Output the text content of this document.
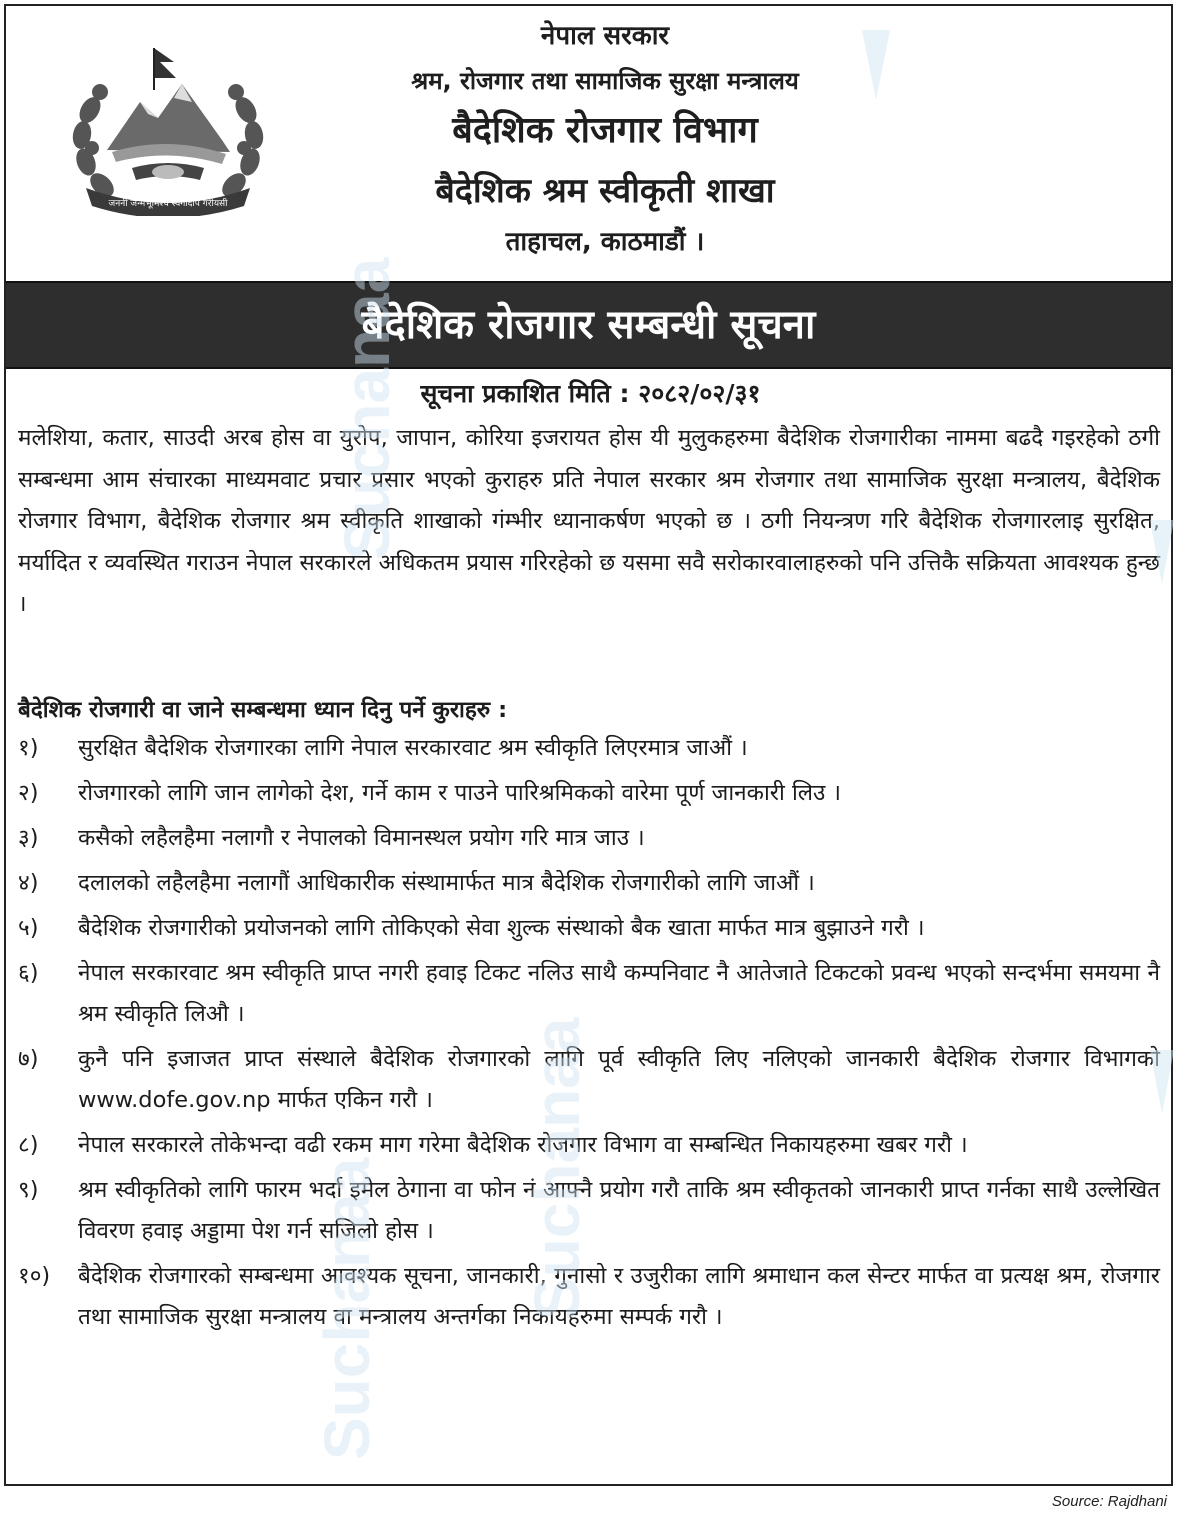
जननी जन्मभूमिश्च स्वर्गादपि गरीयसी
नेपाल सरकार
श्रम, रोजगार तथा सामाजिक सुरक्षा मन्त्रालय
बैदेशिक रोजगार विभाग
बैदेशिक श्रम स्वीकृती शाखा
ताहाचल, काठमाडौं ।
बैदेशिक रोजगार सम्बन्धी सूचना
सूचना प्रकाशित मिति : २०८२/०२/३१
मलेशिया, कतार, साउदी अरब होस वा युरोप, जापान, कोरिया इजरायत होस यी मुलुकहरुमा बैदेशिक रोजगारीका नाममा बढदै गइरहेको ठगी सम्बन्धमा आम संचारका माध्यमवाट प्रचार प्रसार भएको कुराहरु प्रति नेपाल सरकार श्रम रोजगार तथा सामाजिक सुरक्षा मन्त्रालय, बैदेशिक रोजगार विभाग, बैदेशिक रोजगार श्रम स्वीकृति शाखाको गंम्भीर ध्यानाकर्षण भएको छ । ठगी नियन्त्रण गरि बैदेशिक रोजगारलाइ सुरक्षित, मर्यादित र व्यवस्थित गराउन नेपाल सरकारले अधिकतम प्रयास गरिरहेको छ यसमा सवै सरोकारवालाहरुको पनि उत्तिकै सक्रियता आवश्यक हुन्छ ।
बैदेशिक रोजगारी वा जाने सम्बन्धमा ध्यान दिनु पर्ने कुराहरु :
१)	सुरक्षित बैदेशिक रोजगारका लागि नेपाल सरकारवाट श्रम स्वीकृति लिएरमात्र जाऔं ।
२)	रोजगारको लागि जान लागेको देश, गर्ने काम र पाउने पारिश्रमिकको वारेमा पूर्ण जानकारी लिउ ।
३)	कसैको लहैलहैमा नलागौ र नेपालको विमानस्थल प्रयोग गरि मात्र जाउ ।
४)	दलालको लहैलहैमा नलागौं आधिकारीक संस्थामार्फत मात्र बैदेशिक रोजगारीको लागि जाऔं ।
५)	बैदेशिक रोजगारीको प्रयोजनको लागि तोकिएको सेवा शुल्क संस्थाको बैक खाता मार्फत मात्र बुझाउने गरौ ।
६)	नेपाल सरकारवाट श्रम स्वीकृति प्राप्त नगरी हवाइ टिकट नलिउ साथै कम्पनिवाट नै आतेजाते टिकटको प्रवन्ध भएको सन्दर्भमा समयमा नै श्रम स्वीकृति लिऔ ।
७)	कुनै पनि इजाजत प्राप्त संस्थाले बैदेशिक रोजगारको लागि पूर्व स्वीकृति लिए नलिएको जानकारी बैदेशिक रोजगार विभागको www.dofe.gov.np मार्फत एकिन गरौ ।
८)	नेपाल सरकारले तोकेभन्दा वढी रकम माग गरेमा बैदेशिक रोजगार विभाग वा सम्बन्धित निकायहरुमा खबर गरौ ।
९)	श्रम स्वीकृतिको लागि फारम भर्दा इमेल ठेगाना वा फोन नं आफ्नै प्रयोग गरौ ताकि श्रम स्वीकृतको जानकारी प्राप्त गर्नका साथै उल्लेखित विवरण हवाइ अड्डामा पेश गर्न सजिलो होस ।
१०)	बैदेशिक रोजगारको सम्बन्धमा आवश्यक सूचना, जानकारी, गुनासो र उजुरीका लागि श्रमाधान कल सेन्टर मार्फत वा प्रत्यक्ष श्रम, रोजगार तथा सामाजिक सुरक्षा मन्त्रालय वा मन्त्रालय अन्तर्गका निकायहरुमा सम्पर्क गरौ ।
Suchanaa
Suchanaa
Suchanaa
Source: Rajdhani
